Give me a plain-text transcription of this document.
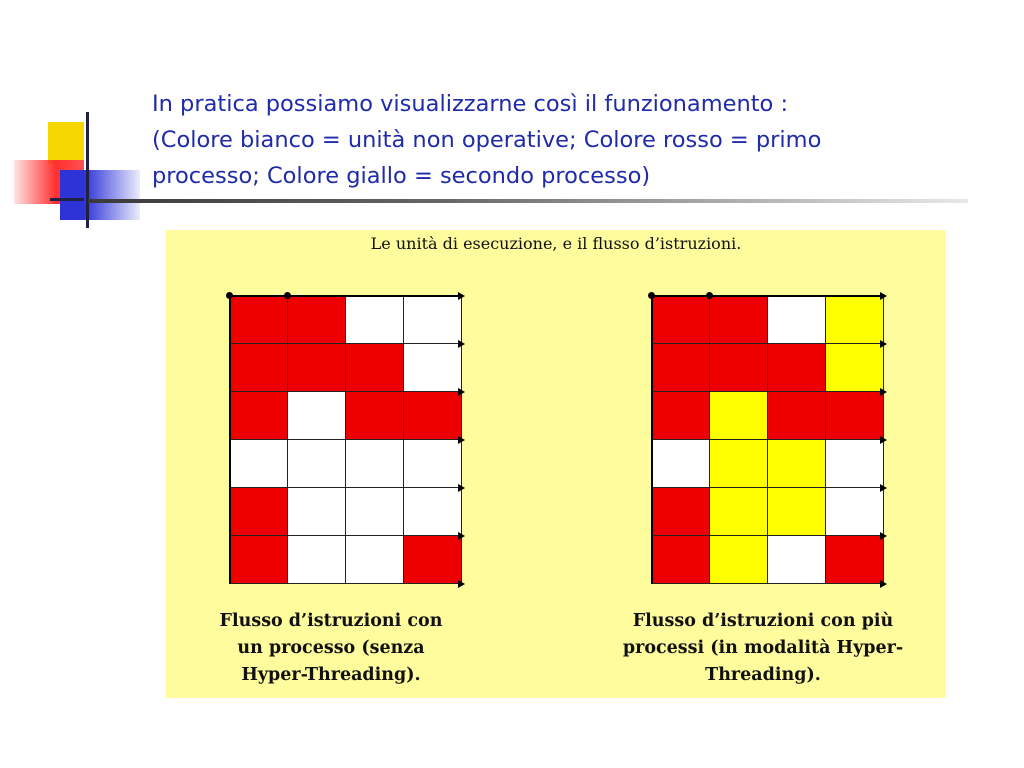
In pratica possiamo visualizzarne così il funzionamento :
(Colore bianco = unità non operative; Colore rosso = primo
processo; Colore giallo = secondo processo)
Le unità di esecuzione, e il flusso d’istruzioni.
Flusso d’istruzioni con
un processo (senza
Hyper-Threading).
Flusso d’istruzioni con più
processi (in modalità Hyper-
Threading).
